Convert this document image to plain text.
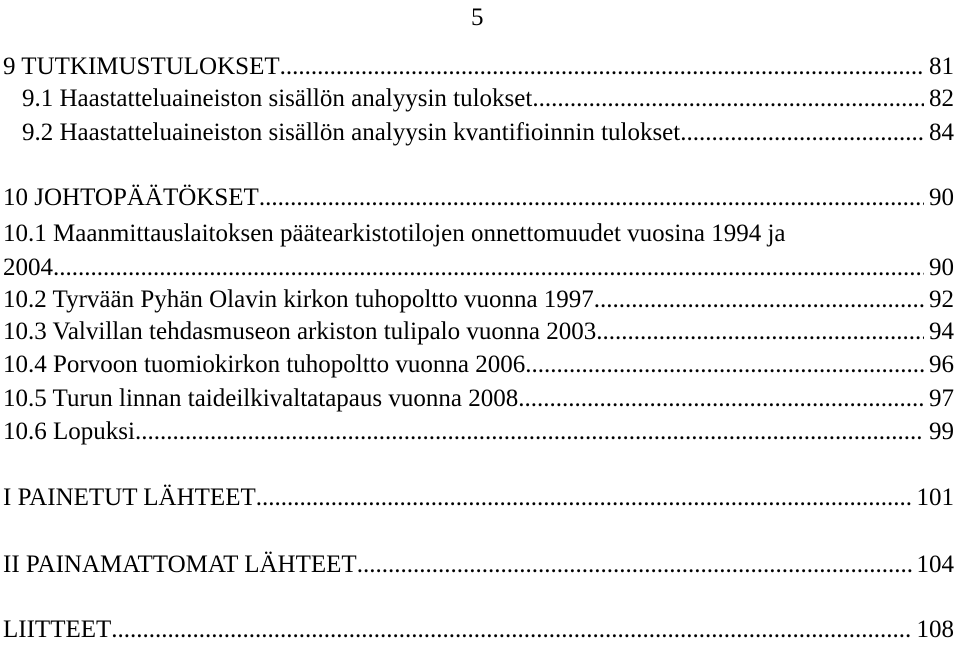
5
9 TUTKIMUSTULOKSET .....	81
9.1 Haastatteluaineiston sisällön analyysin tulokset .....	82
9.2 Haastatteluaineiston sisällön analyysin kvantifioinnin tulokset .....	84
10 JOHTOPÄÄTÖKSET .....	90
10.1 Maanmittauslaitoksen päätearkistotilojen onnettomuudet vuosina 1994 ja
2004 .....	90
10.2 Tyrvään Pyhän Olavin kirkon tuhopoltto vuonna 1997 .....	92
10.3 Valvillan tehdasmuseon arkiston tulipalo vuonna 2003 .....	94
10.4 Porvoon tuomiokirkon tuhopoltto vuonna 2006 .....	96
10.5 Turun linnan taideilkivaltatapaus vuonna 2008 .....	97
10.6 Lopuksi .....	99
I PAINETUT LÄHTEET .....	101
II PAINAMATTOMAT LÄHTEET .....	104
LIITTEET .....	108
